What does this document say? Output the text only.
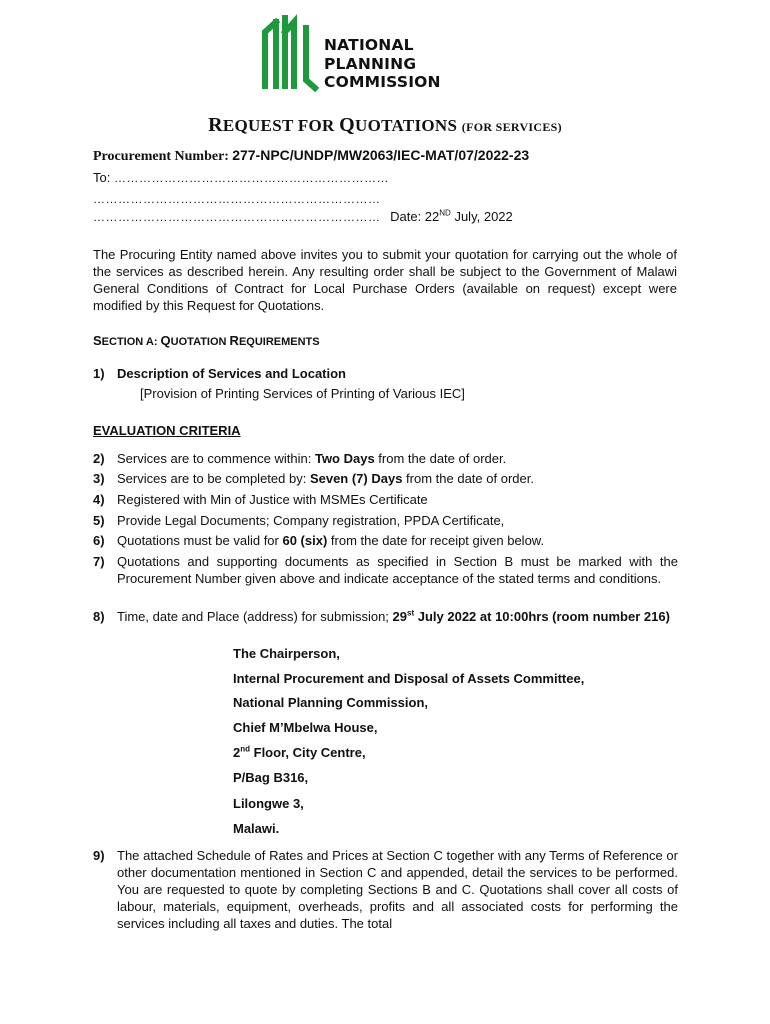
NATIONAL
PLANNING
COMMISSION
REQUEST FOR QUOTATIONS (FOR SERVICES)
Procurement Number: 277-NPC/UNDP/MW2063/IEC-MAT/07/2022-23
To: …………………………………………………………
……………………………………………………………
…………………………………………………………… Date: 22ND July, 2022
The Procuring Entity named above invites you to submit your quotation for carrying out the whole of the services as described herein. Any resulting order shall be subject to the Government of Malawi General Conditions of Contract for Local Purchase Orders (available on request) except were modified by this Request for Quotations.
SECTION A: QUOTATION REQUIREMENTS
1) Description of Services and Location
[Provision of Printing Services of Printing of Various IEC]
EVALUATION CRITERIA
2) Services are to commence within: Two Days from the date of order.
3) Services are to be completed by: Seven (7) Days from the date of order.
4) Registered with Min of Justice with MSMEs Certificate
5) Provide Legal Documents; Company registration, PPDA Certificate,
6) Quotations must be valid for 60 (six) from the date for receipt given below.
7) Quotations and supporting documents as specified in Section B must be marked with the Procurement Number given above and indicate acceptance of the stated terms and conditions.
8) Time, date and Place (address) for submission; 29st July 2022 at 10:00hrs (room number 216)
The Chairperson,
Internal Procurement and Disposal of Assets Committee,
National Planning Commission,
Chief M’Mbelwa House,
2nd Floor, City Centre,
P/Bag B316,
Lilongwe 3,
Malawi.
9) The attached Schedule of Rates and Prices at Section C together with any Terms of Reference or other documentation mentioned in Section C and appended, detail the services to be performed. You are requested to quote by completing Sections B and C. Quotations shall cover all costs of labour, materials, equipment, overheads, profits and all associated costs for performing the services including all taxes and duties. The total
